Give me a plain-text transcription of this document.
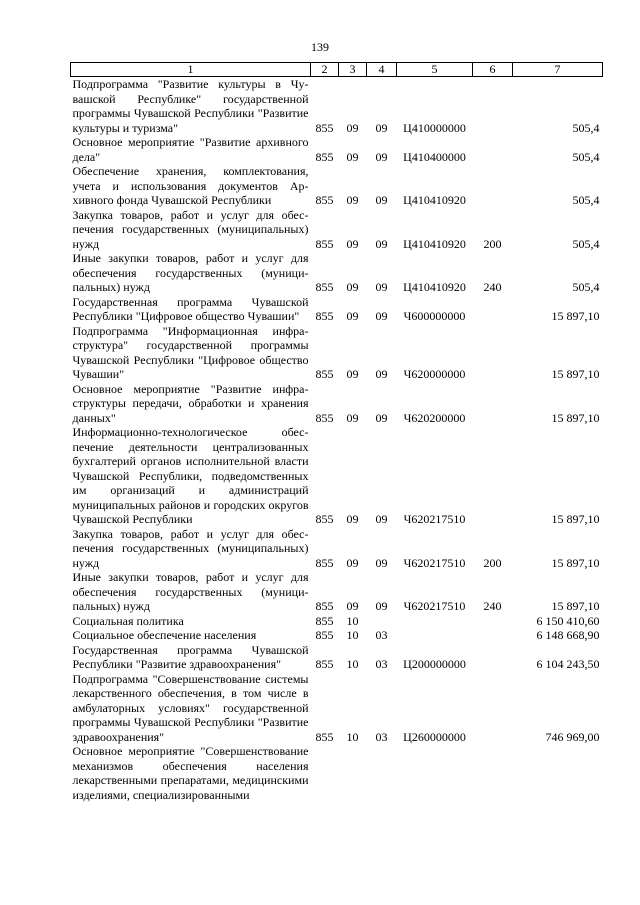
139
1	2	3	4	5	6	7
Подпрограмма "Развитие культуры в Чувашской Республике" государственной программы Чувашской Республики "Развитие культуры и туризма"	855	09	09	Ц410000000		505,4
Основное мероприятие "Развитие архивного дела"	855	09	09	Ц410400000		505,4
Обеспечение хранения, комплектования, учета и использования документов Архивного фонда Чувашской Республики	855	09	09	Ц410410920		505,4
Закупка товаров, работ и услуг для обеспечения государственных (муниципальных) нужд	855	09	09	Ц410410920	200	505,4
Иные закупки товаров, работ и услуг для обеспечения государственных (муниципальных) нужд	855	09	09	Ц410410920	240	505,4
Государственная программа Чувашской Республики "Цифровое общество Чувашии"	855	09	09	Ч600000000		15 897,10
Подпрограмма "Информационная инфраструктура" государственной программы Чувашской Республики "Цифровое общество Чувашии"	855	09	09	Ч620000000		15 897,10
Основное мероприятие "Развитие инфраструктуры передачи, обработки и хранения данных"	855	09	09	Ч620200000		15 897,10
Информационно-технологическое обеспечение деятельности централизованных бухгалтерий органов исполнительной власти Чувашской Республики, подведомственных им организаций и администраций муниципальных районов и городских округов Чувашской Республики	855	09	09	Ч620217510		15 897,10
Закупка товаров, работ и услуг для обеспечения государственных (муниципальных) нужд	855	09	09	Ч620217510	200	15 897,10
Иные закупки товаров, работ и услуг для обеспечения государственных (муниципальных) нужд	855	09	09	Ч620217510	240	15 897,10
Социальная политика	855	10				6 150 410,60
Социальное обеспечение населения	855	10	03			6 148 668,90
Государственная программа Чувашской Республики "Развитие здравоохранения"	855	10	03	Ц200000000		6 104 243,50
Подпрограмма "Совершенствование системы лекарственного обеспечения, в том числе в амбулаторных условиях" государственной программы Чувашской Республики "Развитие здравоохранения"	855	10	03	Ц260000000		746 969,00
Основное мероприятие "Совершенствование механизмов обеспечения населения лекарственными препаратами, медицинскими изделиями, специализированными						
